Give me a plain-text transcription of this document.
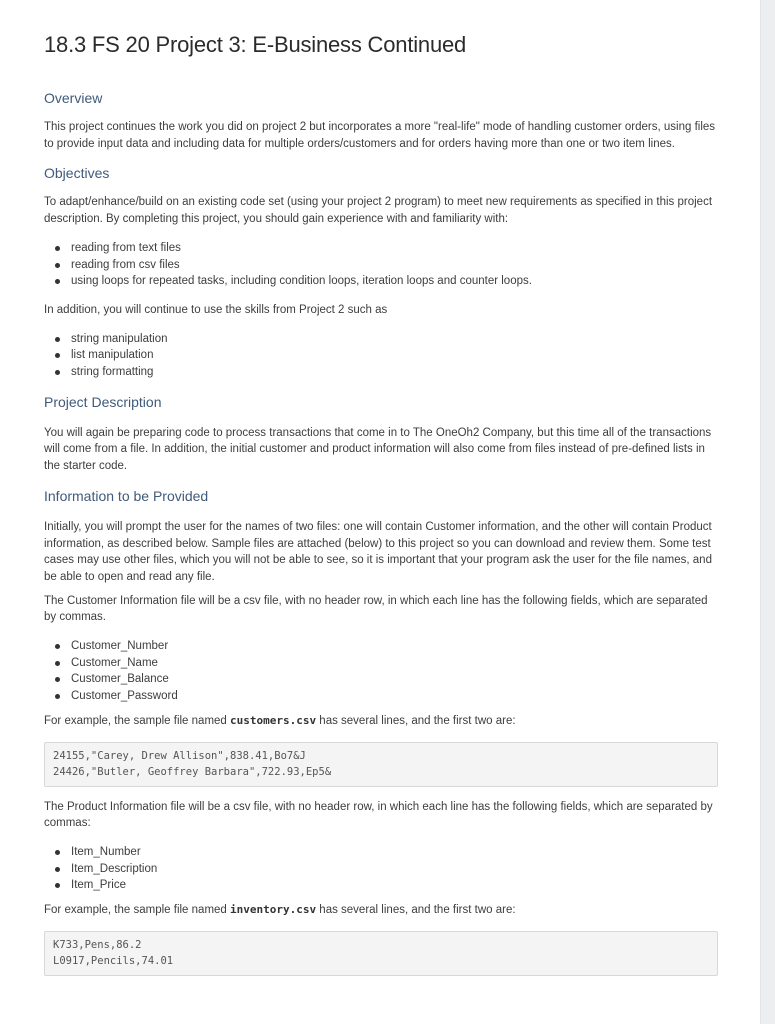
18.3 FS 20 Project 3: E-Business Continued
Overview

This project continues the work you did on project 2 but incorporates a more "real-life" mode of handling customer orders, using files to provide input data and including data for multiple orders/customers and for orders having more than one or two item lines.

Objectives

To adapt/enhance/build on an existing code set (using your project 2 program) to meet new requirements as specified in this project description. By completing this project, you should gain experience with and familiarity with:

reading from text files
reading from csv files
using loops for repeated tasks, including condition loops, iteration loops and counter loops.

In addition, you will continue to use the skills from Project 2 such as

string manipulation
list manipulation
string formatting
Project Description

You will again be preparing code to process transactions that come in to The OneOh2 Company, but this time all of the transactions will come from a file. In addition, the initial customer and product information will also come from files instead of pre-defined lists in the starter code.

Information to be Provided

Initially, you will prompt the user for the names of two files: one will contain Customer information, and the other will contain Product information, as described below. Sample files are attached (below) to this project so you can download and review them. Some test cases may use other files, which you will not be able to see, so it is important that your program ask the user for the file names, and be able to open and read any file.

The Customer Information file will be a csv file, with no header row, in which each line has the following fields, which are separated by commas.

Customer_Number
Customer_Name
Customer_Balance
Customer_Password

For example, the sample file named customers.csv has several lines, and the first two are:

24155,"Carey, Drew Allison",838.41,Bo7&J
24426,"Butler, Geoffrey Barbara",722.93,Ep5&

The Product Information file will be a csv file, with no header row, in which each line has the following fields, which are separated by commas:

Item_Number
Item_Description
Item_Price

For example, the sample file named inventory.csv has several lines, and the first two are:

K733,Pens,86.2
L0917,Pencils,74.01
